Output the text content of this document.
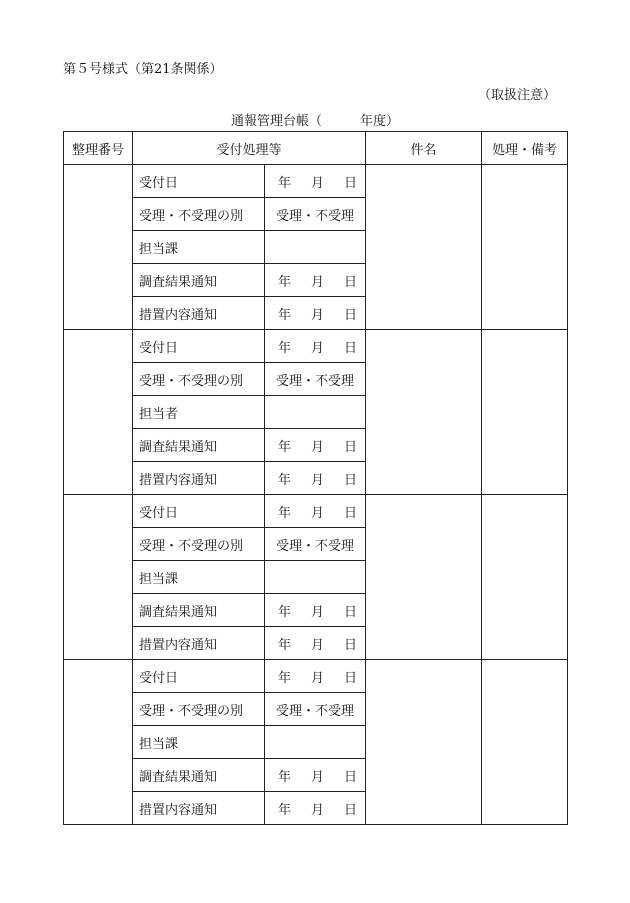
第５号様式（第21条関係）
（取扱注意）
通報管理台帳（	年度）
整理番号	受付処理等		件名	処理・備考
	受付日	年 月 日		
	受理・不受理の別	受理・不受理		
	担当課			
	調査結果通知	年 月 日		
	措置内容通知	年 月 日		
	受付日	年 月 日		
	受理・不受理の別	受理・不受理		
	担当者			
	調査結果通知	年 月 日		
	措置内容通知	年 月 日		
	受付日	年 月 日		
	受理・不受理の別	受理・不受理		
	担当課			
	調査結果通知	年 月 日		
	措置内容通知	年 月 日		
	受付日	年 月 日		
	受理・不受理の別	受理・不受理		
	担当課			
	調査結果通知	年 月 日		
	措置内容通知	年 月 日		
